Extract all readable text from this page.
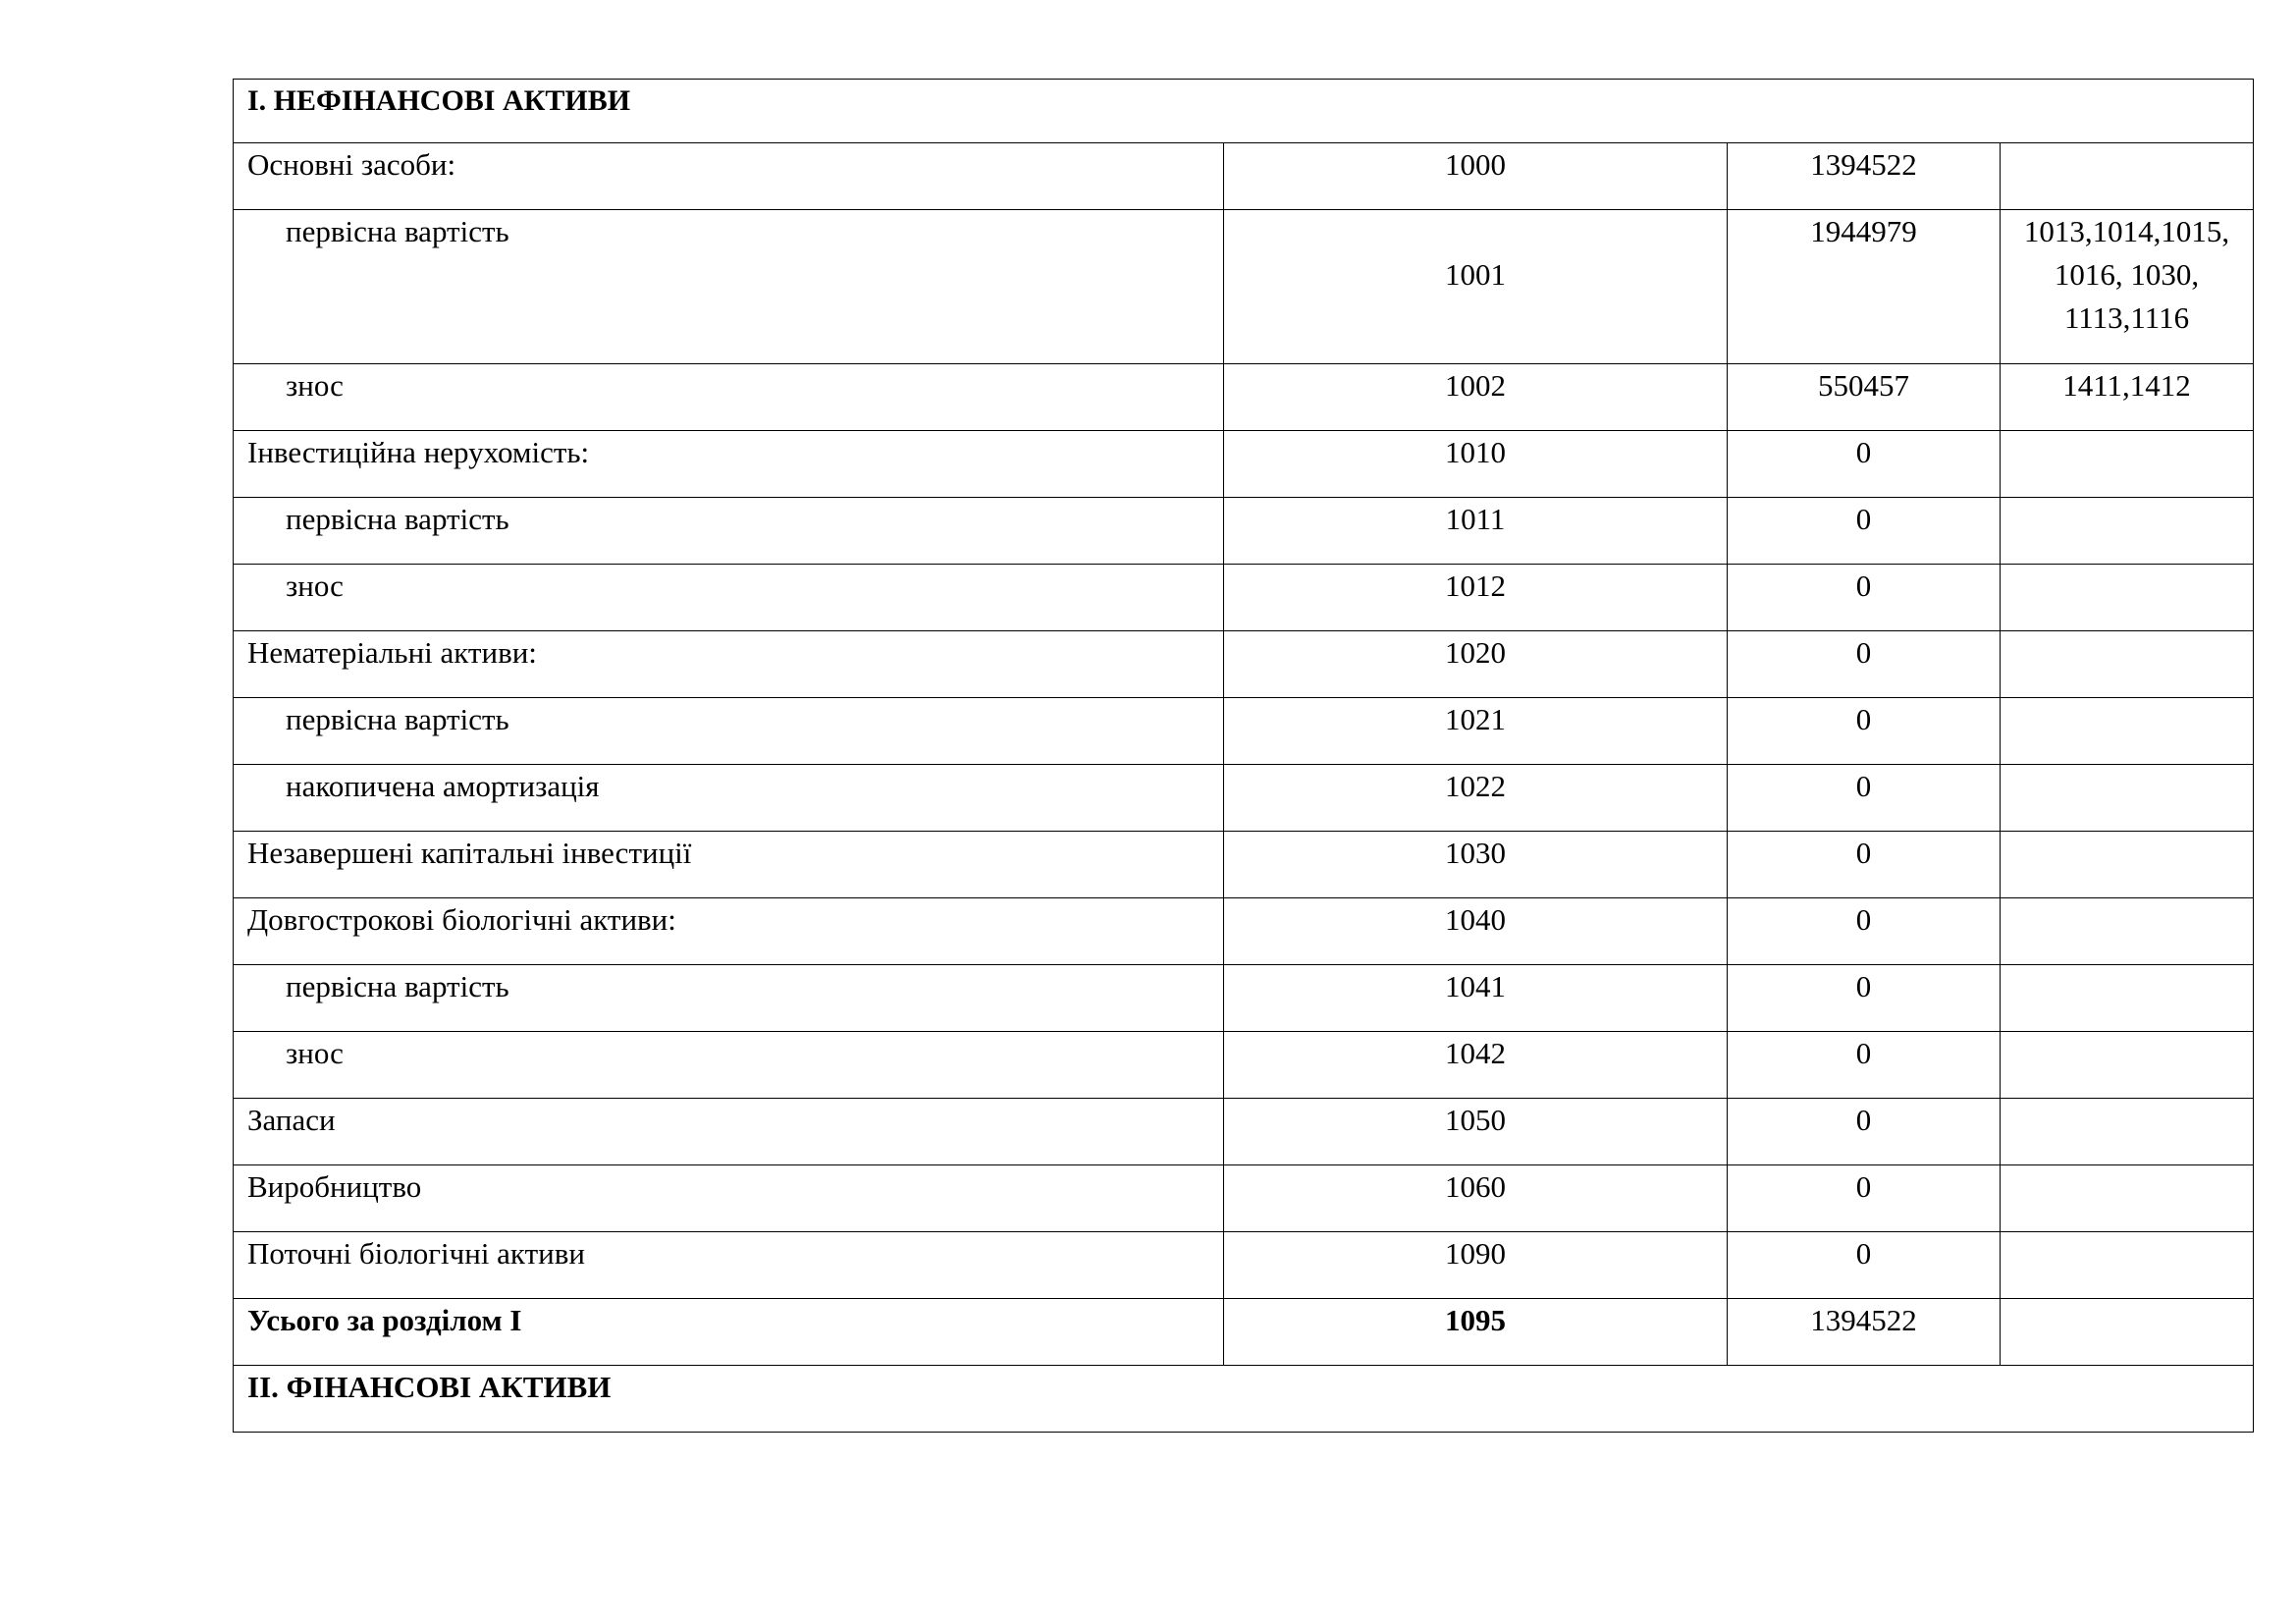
І. НЕФІНАНСОВІ АКТИВИ			

Основні засоби:	1000	1394522	

первісна вартість	1001	1944979	1013,1014,1015,
1016, 1030,
1113,1116

знос	1002	550457	1411,1412

Інвестиційна нерухомість:	1010	0	

первісна вартість	1011	0	

знос	1012	0	

Нематеріальні активи:	1020	0	

первісна вартість	1021	0	

накопичена амортизація	1022	0	

Незавершені капітальні інвестиції	1030	0	

Довгострокові біологічні активи:	1040	0	

первісна вартість	1041	0	

знос	1042	0	

Запаси	1050	0	

Виробництво	1060	0	

Поточні біологічні активи	1090	0	

Усього за розділом І	1095	1394522	

ІІ. ФІНАНСОВІ АКТИВИ			
